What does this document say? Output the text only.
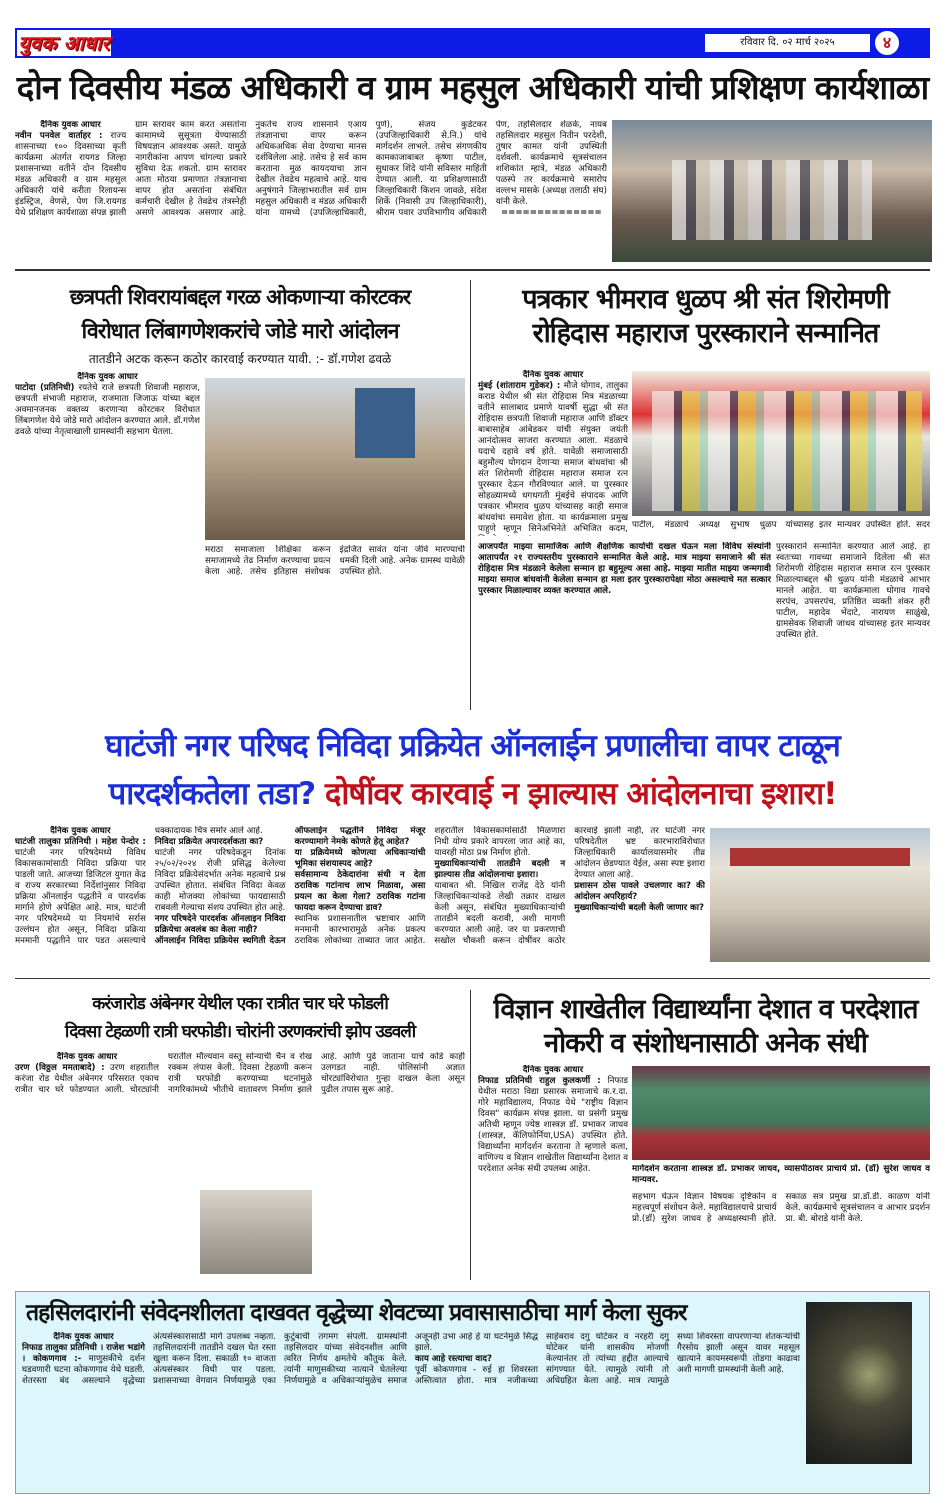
युवक आधार	रविवार दि. ०२ मार्च २०२५	४
दोन दिवसीय मंडळ अधिकारी व ग्राम महसुल अधिकारी यांची प्रशिक्षण कार्यशाळा
दैनिक युवक आधार
नवीन पनवेल वार्ताहर : राज्य शासनाच्या १०० दिवसाच्या कृती कार्यक्रमा अंतर्गत रायगड जिल्हा प्रशासनाच्या वतीने दोन दिवसीय मंडळ अधिकारी व ग्राम महसुल अधिकारी यांचे करीता रिलायन्स इंडस्ट्रिज, वेणसे, पेण जि.रायगड येथे प्रशिक्षण कार्यशाळा संपन्न झाली ग्राम स्तरावर काम करत असतांना कामामध्ये सुसूत्रता येण्यासाठी विषयज्ञान आवश्यक असते. यामुळे नागरीकांना आपण चांगल्या प्रकारे सुविधा देऊ शकतो. ग्राम स्तरावर आता मोठया प्रमाणात तंत्रज्ञानाचा वापर होत असतांना संबंधित कर्मचारी देखील हे तेवढेच तंत्रस्नेही असणे आवश्यक असणार आहे. नुकतेच राज्य शासनाने एआय तंत्रज्ञानाचा वापर करून अधिकअधिक सेवा देण्याचा मानस दर्शविलेला आहे. तसेच हे सर्व काम करताना मुळ कायदयाचा ज्ञान देखील तेवढेच महत्वाचे आहे. याच अनुषंगाने जिल्हाभरातील सर्व ग्राम महसुल अधिकारी व मंडळ अधिकारी यांना यामध्ये (उपजिल्हाधिकारी, पुणे), संजय कुडेटकर (उपजिल्हाधिकारी से.नि.) यांचे मार्गदर्शन लाभले. तसेच संगणकीय कामकाजाबाबत कृष्णा पाटील, सुधाकर शिंदे यांनी सविस्तर माहिती देण्यात आली. या प्रशिक्षणासाठी जिल्हाधिकारी किशन जावळे, संदेश शिर्के (निवासी उप जिल्हाधिकारी), श्रीराम पवार उपविभागीय अधिकारी पेण, तहसिलदार शेळके, नायब तहसिलदार महसुल नितीन परदेशी, तुषार कामत यांनी उपस्थिती दर्शवली. कार्यक्रमाचे सूत्रसंचालन शशिकांत म्हात्रे, मंडळ अधिकारी पळस्पे तर कार्यक्रमाचे समारोप वल्लभ मासके (अध्यक्ष तलाठी संघ) यांनी केले.
==============
छत्रपती शिवरायांबद्दल गरळ ओकणाऱ्या कोरटकर
विरोधात लिंबागणेशकरांचे जोडे मारो आंदोलन
तातडीने अटक करून कठोर कारवाई करण्यात यावी. :- डॉ.गणेश ढवळे
दैनिक युवक आधार
पाटोदा (प्रतिनिधी) रयतेचे राजे छत्रपती शिवाजी महाराज, छत्रपती संभाजी महाराज, राजमाता जिजाऊ यांच्या बद्दल अवमानजनक वक्तव्य करणाऱ्या कोरटकर विरोधात लिंबागणेश येथे जोडे मारो आंदोलन करण्यात आले. डॉ.गणेश ढवळे यांच्या नेतृत्वाखाली ग्रामस्थांनी सहभाग घेतला.
मराठा समाजाला शिक्षिका करून समाजामध्ये तेढ निर्माण करण्याचा प्रयत्न केला आहे. तसेच इतिहास संशोधक इंद्रजित सावंत यांना जीवे मारण्याची धमकी दिली आहे. अनेक ग्रामस्थ यावेळी उपस्थित होते.
पत्रकार भीमराव धुळप श्री संत शिरोमणी
रोहिदास महाराज पुरस्काराने सन्मानित
दैनिक युवक आधार
मुंबई (शांताराम गुडेकर) : मौजे घोगाव, तालुका कराड येथील श्री संत रोहिदास मित्र मंडळाच्या वतीने सालाबाद प्रमाणे यावर्षी सुद्धा श्री संत रोहिदास छत्रपती शिवाजी महाराज आणि डॉक्टर बाबासाहेब आंबेडकर यांची संयुक्त जयंती आनंदोत्सव साजरा करण्यात आला. मंडळाचे यदाचे दहावे वर्ष होते. यावेळी समाजासाठी बहुमौल्य योगदान देणाऱ्या समाज बांधवांचा श्री संत शिरोमणी रोहिदास महाराज समाज रत्न पुरस्कार देऊन गौरविण्यात आले. या पुरस्कार सोहळ्यामध्ये धगधगती मुंबईचे संपादक आणि पत्रकार भीमराव धुळप यांच्यासह काही समाज बांधवांचा समावेश होता. या कार्यक्रमाला प्रमुख पाहुणे म्हणून सिनेअभिनेते अभिजित कदम, पाटील, मंडळाचे अध्यक्ष सुभाष धुळप यांच्यासह इतर मान्यवर उपस्थित होते. सदर
आजपर्यंत माझ्या सामाजिक आणि शैक्षणिक कार्याची दखल घेऊन मला विविध संस्थांनी आतापर्यंत २१ राज्यस्तरीय पुरस्काराने सन्मानित केले आहे. मात्र माझ्या समाजाने श्री संत रोहिदास मित्र मंडळाने केलेला सन्मान हा बहुमूल्य असा आहे. माझ्या मातीत माझ्या जन्मगावी माझ्या समाज बांधवांनी केलेला सन्मान हा मला इतर पुरस्कारापेक्षा मोठा असल्याचे मत सत्कार पुरस्कार मिळाल्यावर व्यक्त करण्यात आले.
पुरस्काराने सन्मानित करण्यात आले आहे. हा स्वतःच्या गावच्या समाजाने दिलेला श्री संत शिरोमणी रोहिदास महाराज समाज रत्न पुरस्कार मिळाल्याबद्दल श्री धुळप यांनी मंडळाचे आभार मानले आहेत. या कार्यक्रमाला घोगाव गावचे सरपंच, उपसरपंच, प्रतिष्ठित व्यक्ती शंकर हरी पाटील, महादेव भेंदाटे, नारायण साळुंखे, ग्रामसेवक शिवाजी जाधव यांच्यासह इतर मान्यवर उपस्थित होते.
घाटंजी नगर परिषद निविदा प्रक्रियेत ऑनलाईन प्रणालीचा वापर टाळून
पारदर्शकतेला तडा? दोषींवर कारवाई न झाल्यास आंदोलनाचा इशारा!
दैनिक युवक आधार
घाटंजी तालुका प्रतिनिधी । महेश पेन्दोर : घाटंजी नगर परिषदेमध्ये विविध विकासकामांसाठी निविदा प्रक्रिया पार पाडली जाते. आजच्या डिजिटल युगात केंद्र व राज्य सरकारच्या निर्देशांनुसार निविदा प्रक्रिया ऑनलाईन पद्धतीने व पारदर्शक मार्गाने होणे अपेक्षित आहे. मात्र, घाटंजी नगर परिषदेमध्ये या नियमांचे सर्रास उल्लंघन होत असून, निविदा प्रक्रिया मनमानी पद्धतीने पार पडत असल्याचे धक्कादायक चित्र समोर आले आहे.
निविदा प्रक्रियेत अपारदर्शकता का?
घाटंजी नगर परिषदेकडून दिनांक २५/०२/२०२४ रोजी प्रसिद्ध केलेल्या निविदा प्रक्रियेसंदर्भात अनेक महत्वाचे प्रश्न उपस्थित होतात. संबंधित निविदा केवळ काही मोजक्या लोकांच्या फायद्यासाठी राबवली गेल्याचा संशय उपस्थित होत आहे.
नगर परिषदेने पारदर्शक ऑनलाइन निविदा प्रक्रियेचा अवलंब का केला नाही?
ऑनलाईन निविदा प्रक्रियेस स्थगिती देऊन ऑफलाईन पद्धतीने निविदा मंजूर करण्यामागे नेमके कोणते हेतू आहेत?
या प्रक्रियेमध्ये कोणत्या अधिकाऱ्यांची भूमिका संशयास्पद आहे?
सर्वसामान्य ठेकेदारांना संधी न देता ठराविक गटांनाच लाभ मिळावा, असा प्रयत्न का केला गेला? ठराविक गटांना फायदा करून देण्याचा डाव?
स्थानिक प्रशासनातील भ्रष्टाचार आणि मनमानी कारभारामुळे अनेक प्रकल्प ठराविक लोकांच्या ताब्यात जात आहेत. शहरातील विकासकामांसाठी मिळणारा निधी योग्य प्रकारे वापरला जात आहे का, यावरही मोठा प्रश्न निर्माण होतो.
मुख्याधिकाऱ्यांची तातडीने बदली न झाल्यास तीव्र आंदोलनाचा इशारा।
याबाबत श्री. निखिल राजेंद्र देठे यांनी जिल्हाधिकाऱ्यांकडे लेखी तक्रार दाखल केली असून, संबंधित मुख्याधिकाऱ्यांची तातडीने बदली करावी, अशी मागणी करण्यात आली आहे. जर या प्रकरणाची सखोल चौकशी करून दोषींवर कठोर कारवाई झाली नाही, तर घाटंजी नगर परिषदेतील भ्रष्ट कारभाराविरोधात जिल्हाधिकारी कार्यालयासमोर तीव्र आंदोलन छेडण्यात येईल, असा स्पष्ट इशारा देण्यात आला आहे.
प्रशासन ठोस पावले उचलणार का? की आंदोलन अपरिहार्य?
मुख्याधिकाऱ्यांची बदली केली जाणार का?
करंजारोड अंबेनगर येथील एका रात्रीत चार घरे फोडली
दिवसा टेहळणी रात्री घरफोडी। चोरांनी उरणकरांची झोप उडवली
दैनिक युवक आधार
उरण (विठ्ठल ममताबादे) : उरण शहरातील करंजा रोड येथील अंबेनगर परिसरात एकाच रात्रीत चार घरे फोडण्यात आली. चोरट्यांनी घरातील मौल्यवान वस्तू सोन्याची चैन व रोख रक्कम लंपास केली. दिवसा टेहळणी करून रात्री घरफोडी करण्याच्या घटनांमुळे नागरिकांमध्ये भीतीचे वातावरण निर्माण झाले आहे. आणि पुढे जाताना याचे कोडे काही उलगडत नाही. पोलिसांनी अज्ञात चोरट्यांविरोधात गुन्हा दाखल केला असून पुढील तपास सुरू आहे.
विज्ञान शाखेतील विद्यार्थ्यांना देशात व परदेशात
नोकरी व संशोधनासाठी अनेक संधी
दैनिक युवक आधार
निफाड प्रतिनिधी राहुल कुलकर्णी : निफाड येथील मराठा विद्या प्रसारक समाजाचे क.र.दा. गोरे महाविद्यालय, निफाड येथे "राष्ट्रीय विज्ञान दिवस" कार्यक्रम संपन्न झाला. या प्रसंगी प्रमुख अतिथी म्हणून ज्येष्ठ शास्त्रज्ञ डॉ. प्रभाकर जाधव (शास्त्रज्ञ, कॅलिफोर्निया,USA) उपस्थित होते. विद्यार्थ्यांना मार्गदर्शन करताना ते म्हणाले कला, वाणिज्य व विज्ञान शाखेतील विद्यार्थ्यांना देशात व परदेशात अनेक संधी उपलब्ध आहेत.	मार्गदर्शन करताना शास्त्रज्ञ डॉ. प्रभाकर जाधव, व्यासपीठावर प्राचार्य प्रो. (डॉ) सुरेश जाधव व मान्यवर.
सहभाग घेऊन विज्ञान विषयक दृष्टिकोन व महत्त्वपूर्ण संशोधन केले. महाविद्यालयाचे प्राचार्य प्रो.(डॉ) सुरेश जाधव हे अध्यक्षस्थानी होते. सकाळ सत्र प्रमुख प्रा.डॉ.डी. काळण यांनी केले. कार्यक्रमाचे सूत्रसंचालन व आभार प्रदर्शन प्रा. बी. बोराडे यांनी केले.
तहसिलदारांनी संवेदनशीलता दाखवत वृद्धेच्या शेवटच्या प्रवासासाठीचा मार्ग केला सुकर
दैनिक युवक आधार
निफाड तालुका प्रतिनिधी । राजेश भडांगे । कोकणगाव :- माणुसकीचे दर्शन घडवणारी घटना कोकणगाव येथे घडली. शेतरस्ता बंद असल्याने वृद्धेच्या अंत्यसंस्कारासाठी मार्ग उपलब्ध नव्हता. तहसिलदारांनी तातडीने दखल घेत रस्ता खुला करून दिला. सकाळी १० वाजता अंत्यसंस्कार विधी पार पडला. प्रशासनाच्या वेगवान निर्णयामुळे एका कुटुंबाची तगमग संपली. ग्रामस्थांनी तहसिलदार यांच्या संवेदनशील आणि त्वरित निर्णय क्षमतेचे कौतुक केले. त्यांनी माणुसकीच्या नात्याने घेतलेल्या निर्णयामुळे व अधिकाऱ्यांमुळेच समाज अजूनही उभा आहे हे या घटनेमुळे सिद्ध झाले.
काय आहे रस्त्याचा वाद?
पूर्वी कोकणगाव - रुई हा शिवरस्ता अस्तित्वात होता. मात्र नजीकच्या साहेबराव दगु घोटेकर व नरहरी दगु घोटेकर यांनी शासकीय मोजणी केल्यानंतर तो त्यांच्या हद्दीत आल्याचे सांगण्यात येते. त्यामुळे त्यांनी तो अधिग्रहित केला आहे. मात्र त्यामुळे सध्या शिवरस्ता वापरणाऱ्या शेतकऱ्यांची गैरसोय झाली असून यावर महसूल खात्याने कायमस्वरूपी तोडगा काढावा अशी मागणी ग्रामस्थांनी केली आहे.
